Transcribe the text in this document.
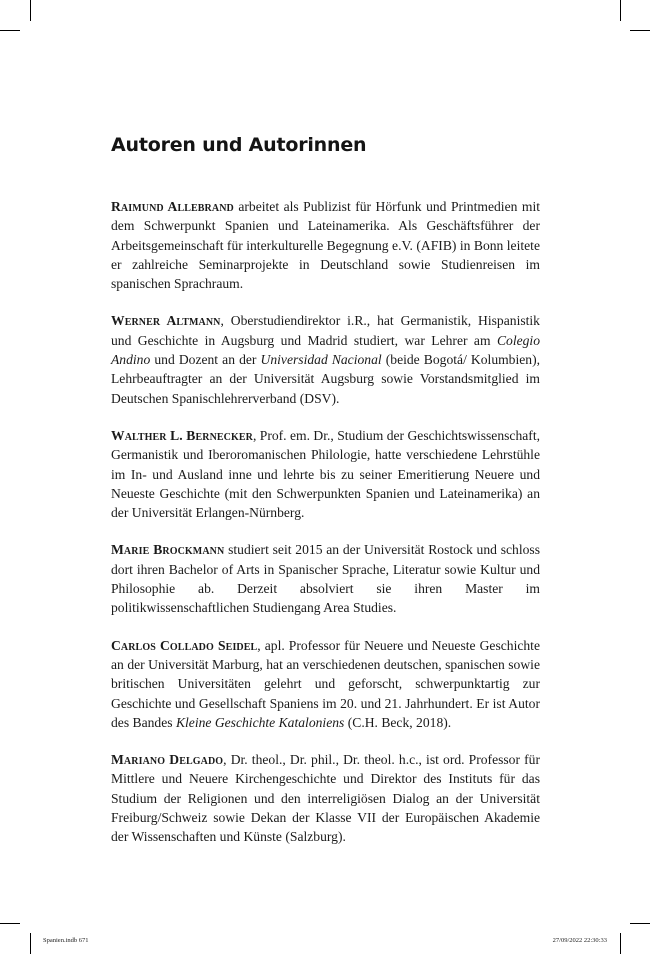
Autoren und Autorinnen

Raimund Allebrand arbeitet als Publizist für Hörfunk und Printmedien mit dem Schwerpunkt Spanien und Lateinamerika. Als Geschäftsführer der Arbeitsgemeinschaft für interkulturelle Begegnung e.V. (AFIB) in Bonn leitete er zahlreiche Seminarprojekte in Deutschland sowie Studienreisen im spanischen Sprachraum.

Werner Altmann, Oberstudiendirektor i.R., hat Germanistik, Hispanistik und Geschichte in Augsburg und Madrid studiert, war Lehrer am Colegio Andino und Dozent an der Universidad Nacional (beide Bogotá/ Kolumbien), Lehrbeauftragter an der Universität Augsburg sowie Vorstandsmitglied im Deutschen Spanischlehrerverband (DSV).

Walther L. Bernecker, Prof. em. Dr., Studium der Geschichtswissenschaft, Germanistik und Iberoromanischen Philologie, hatte verschiedene Lehrstühle im In- und Ausland inne und lehrte bis zu seiner Emeritierung Neuere und Neueste Geschichte (mit den Schwerpunkten Spanien und Lateinamerika) an der Universität Erlangen-Nürnberg.

Marie Brockmann studiert seit 2015 an der Universität Rostock und schloss dort ihren Bachelor of Arts in Spanischer Sprache, Literatur sowie Kultur und Philosophie ab. Derzeit absolviert sie ihren Master im politikwissenschaftlichen Studiengang Area Studies.

Carlos Collado Seidel, apl. Professor für Neuere und Neueste Geschichte an der Universität Marburg, hat an verschiedenen deutschen, spanischen sowie britischen Universitäten gelehrt und geforscht, schwerpunktartig zur Geschichte und Gesellschaft Spaniens im 20. und 21. Jahrhundert. Er ist Autor des Bandes Kleine Geschichte Kataloniens (C.H. Beck, 2018).

Mariano Delgado, Dr. theol., Dr. phil., Dr. theol. h.c., ist ord. Professor für Mittlere und Neuere Kirchengeschichte und Direktor des Instituts für das Studium der Religionen und den interreligiösen Dialog an der Universität Freiburg/Schweiz sowie Dekan der Klasse VII der Europäischen Akademie der Wissenschaften und Künste (Salzburg).

Spanien.indb 671	27/09/2022 22:30:33
